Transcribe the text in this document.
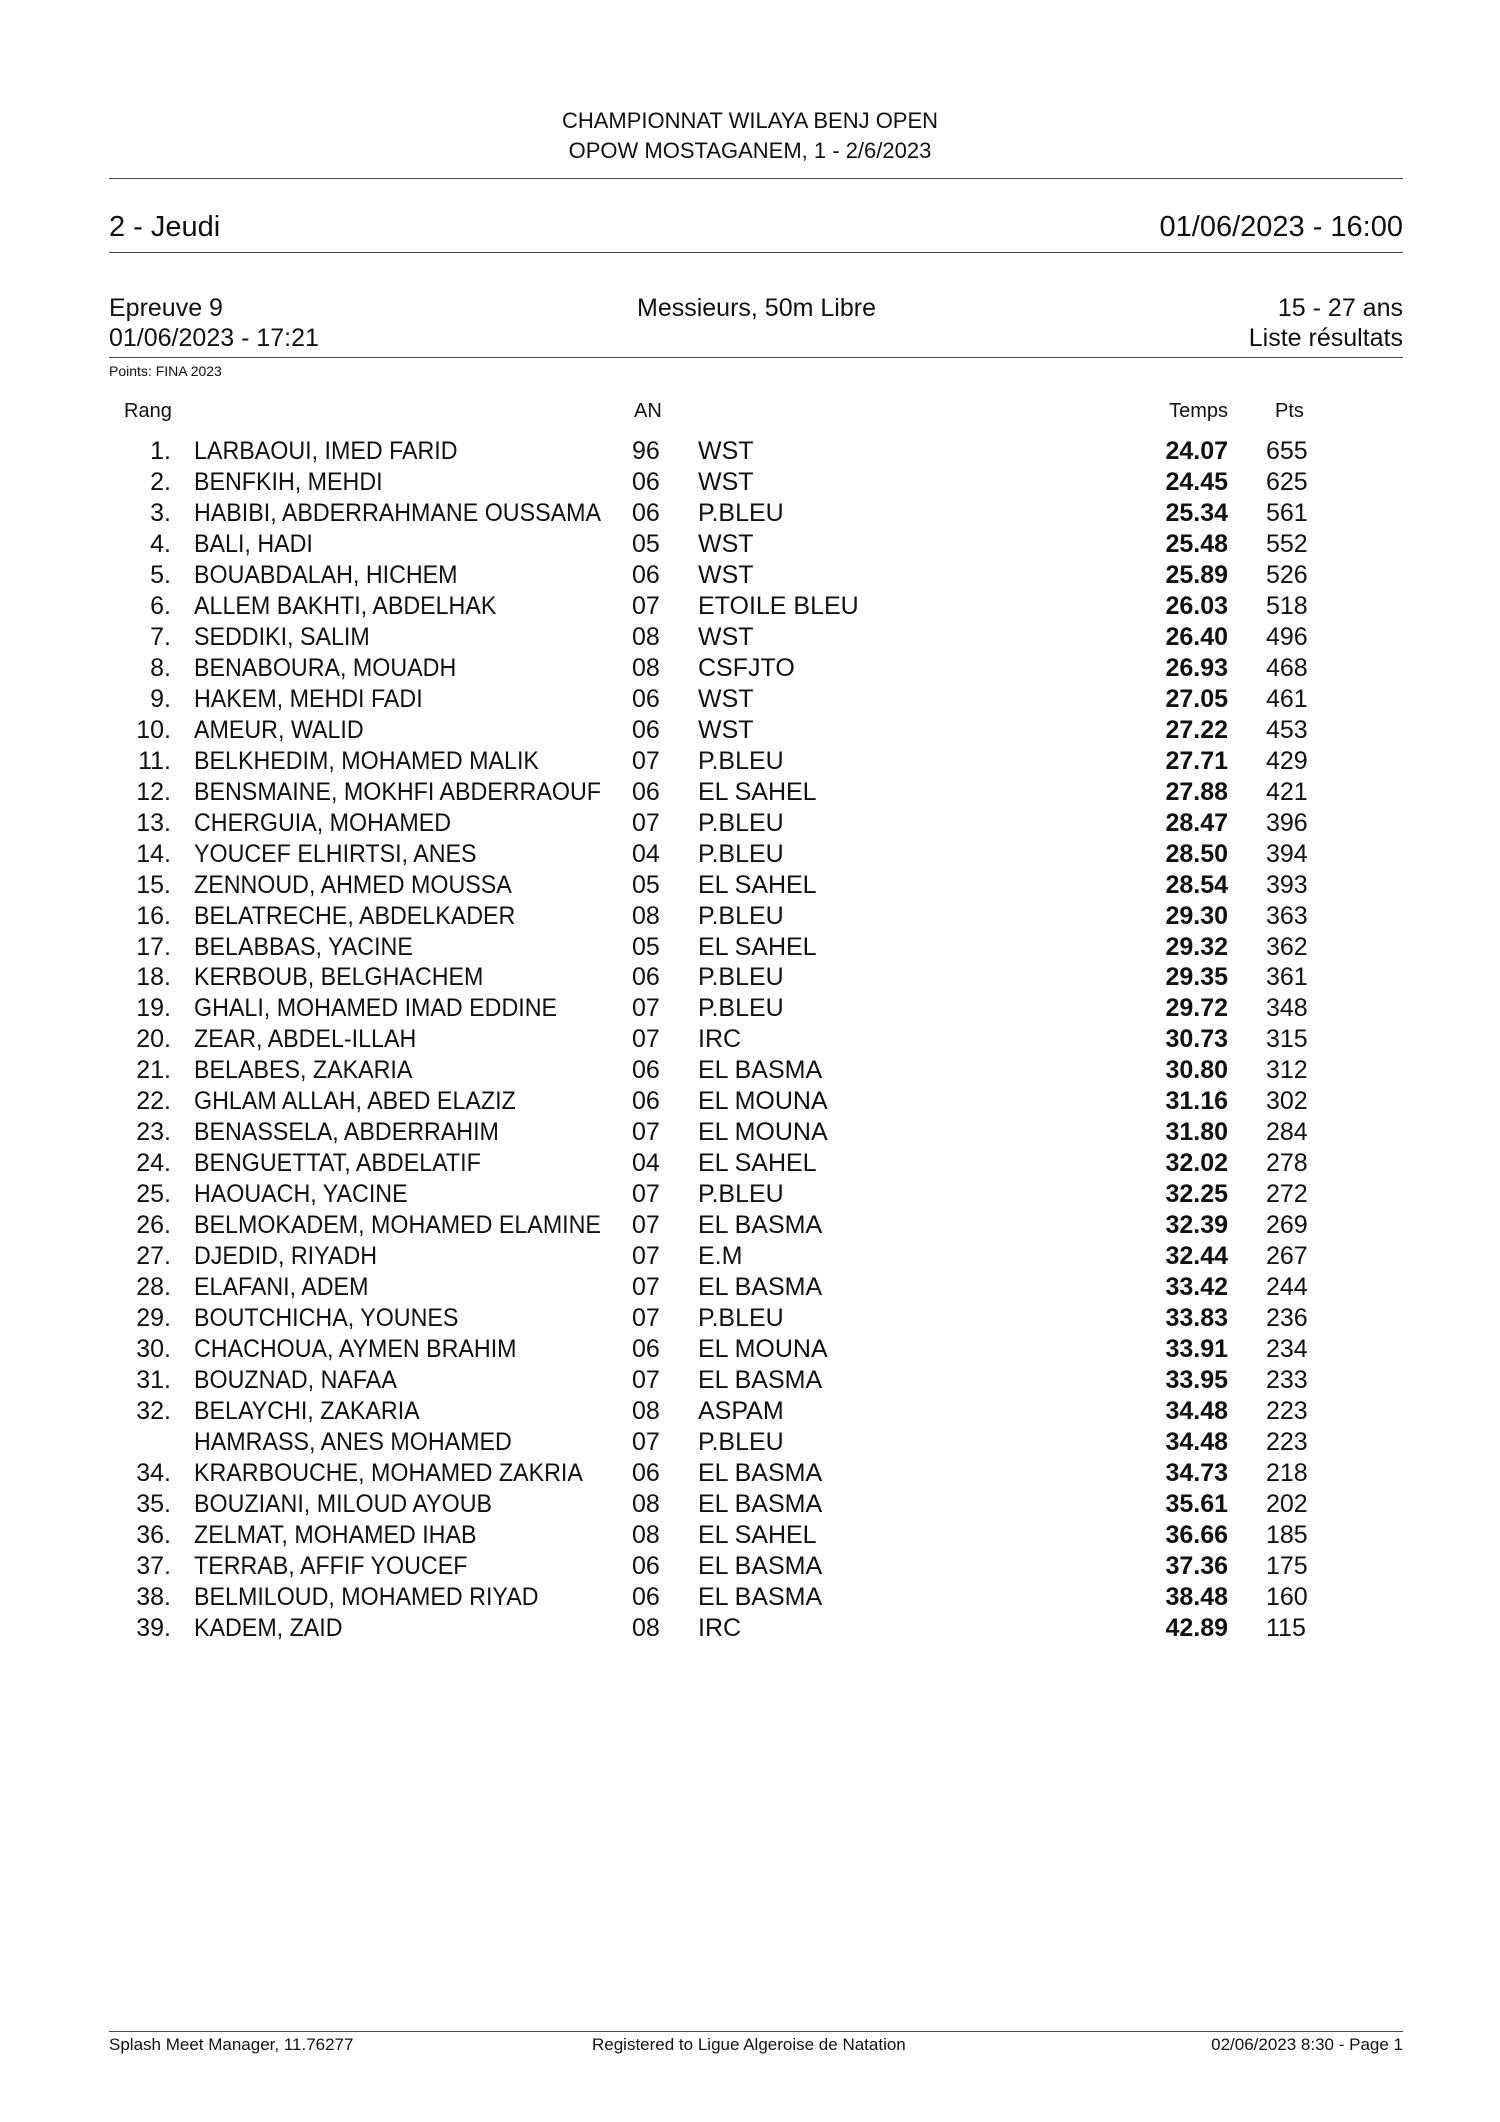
CHAMPIONNAT WILAYA BENJ OPEN
OPOW MOSTAGANEM, 1 - 2/6/2023
2 - Jeudi	01/06/2023 - 16:00
Epreuve 9
01/06/2023 - 17:21
Messieurs, 50m Libre	15 - 27 ans
Liste résultats
Points: FINA 2023
Rang	AN	Temps Pts
1. LARBAOUI, IMED FARID	96 WST	24.07 655
2. BENFKIH, MEHDI	06 WST	24.45 625
3. HABIBI, ABDERRAHMANE OUSSAMA 06 P.BLEU	25.34 561
4. BALI, HADI	05 WST	25.48 552
5. BOUABDALAH, HICHEM	06 WST	25.89 526
6. ALLEM BAKHTI, ABDELHAK	07 ETOILE BLEU	26.03 518
7. SEDDIKI, SALIM	08 WST	26.40 496
8. BENABOURA, MOUADH	08 CSFJTO	26.93 468
9. HAKEM, MEHDI FADI	06 WST	27.05 461
10. AMEUR, WALID	06 WST	27.22 453
11. BELKHEDIM, MOHAMED MALIK	07 P.BLEU	27.71 429
12. BENSMAINE, MOKHFI ABDERRAOUF 06 EL SAHEL	27.88 421
13. CHERGUIA, MOHAMED	07 P.BLEU	28.47 396
14. YOUCEF ELHIRTSI, ANES	04 P.BLEU	28.50 394
15. ZENNOUD, AHMED MOUSSA	05 EL SAHEL	28.54 393
16. BELATRECHE, ABDELKADER	08 P.BLEU	29.30 363
17. BELABBAS, YACINE	05 EL SAHEL	29.32 362
18. KERBOUB, BELGHACHEM	06 P.BLEU	29.35 361
19. GHALI, MOHAMED IMAD EDDINE	07 P.BLEU	29.72 348
20. ZEAR, ABDEL-ILLAH	07 IRC	30.73 315
21. BELABES, ZAKARIA	06 EL BASMA	30.80 312
22. GHLAM ALLAH, ABED ELAZIZ	06 EL MOUNA	31.16 302
23. BENASSELA, ABDERRAHIM	07 EL MOUNA	31.80 284
24. BENGUETTAT, ABDELATIF	04 EL SAHEL	32.02 278
25. HAOUACH, YACINE	07 P.BLEU	32.25 272
26. BELMOKADEM, MOHAMED ELAMINE 07 EL BASMA	32.39 269
27. DJEDID, RIYADH	07 E.M	32.44 267
28. ELAFANI, ADEM	07 EL BASMA	33.42 244
29. BOUTCHICHA, YOUNES	07 P.BLEU	33.83 236
30. CHACHOUA, AYMEN BRAHIM	06 EL MOUNA	33.91 234
31. BOUZNAD, NAFAA	07 EL BASMA	33.95 233
32. BELAYCHI, ZAKARIA	08 ASPAM	34.48 223
HAMRASS, ANES MOHAMED	07 P.BLEU	34.48 223
34. KRARBOUCHE, MOHAMED ZAKRIA 06 EL BASMA	34.73 218
35. BOUZIANI, MILOUD AYOUB	08 EL BASMA	35.61 202
36. ZELMAT, MOHAMED IHAB	08 EL SAHEL	36.66 185
37. TERRAB, AFFIF YOUCEF	06 EL BASMA	37.36 175
38. BELMILOUD, MOHAMED RIYAD	06 EL BASMA	38.48 160
39. KADEM, ZAID	08 IRC	42.89 115
Splash Meet Manager, 11.76277	Registered to Ligue Algeroise de Natation	02/06/2023 8:30 - Page 1
